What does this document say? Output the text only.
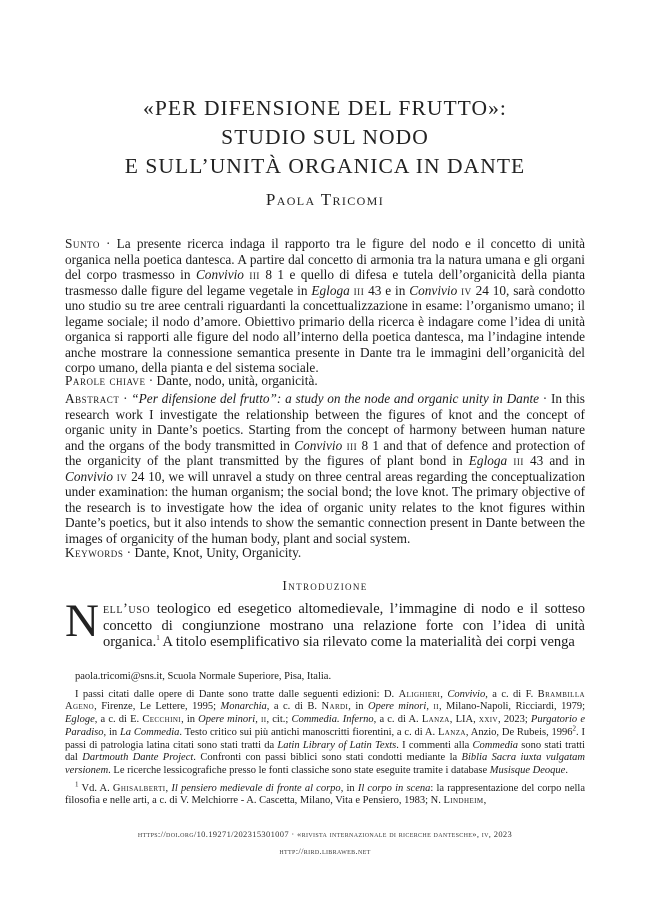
«PER DIFENSIONE DEL FRUTTO»:
STUDIO SUL NODO
E SULL’UNITÀ ORGANICA IN DANTE
Paola Tricomi
Sunto · La presente ricerca indaga il rapporto tra le figure del nodo e il concetto di unità organica nella poetica dantesca. A partire dal concetto di armonia tra la natura umana e gli organi del corpo trasmesso in Convivio iii 8 1 e quello di difesa e tutela dell’organicità della pianta trasmesso dalle figure del legame vegetale in Egloga iii 43 e in Convivio iv 24 10, sarà condotto uno studio su tre aree centrali riguardanti la concettualizzazione in esame: l’organismo umano; il legame sociale; il nodo d’amore. Obiettivo primario della ricerca è indagare come l’idea di unità organica si rapporti alle figure del nodo all’interno della poetica dantesca, ma l’indagine intende anche mostrare la connessione semantica presente in Dante tra le immagini dell’organicità del corpo umano, della pianta e del sistema sociale.
Parole chiave · Dante, nodo, unità, organicità.
Abstract · “Per difensione del frutto”: a study on the node and organic unity in Dante · In this research work I investigate the relationship between the figures of knot and the concept of organic unity in Dante’s poetics. Starting from the concept of harmony between human nature and the organs of the body transmitted in Convivio iii 8 1 and that of defence and protection of the organicity of the plant transmitted by the figures of plant bond in Egloga iii 43 and in Convivio iv 24 10, we will unravel a study on three central areas regarding the conceptualization under examination: the human organism; the social bond; the love knot. The primary objective of the research is to investigate how the idea of organic unity relates to the knot figures within Dante’s poetics, but it also intends to show the semantic connection present in Dante between the images of organicity of the human body, plant and social system.
Keywords · Dante, Knot, Unity, Organicity.
Introduzione
Nell’uso teologico ed esegetico altomedievale, l’immagine di nodo e il sotteso concetto di congiunzione mostrano una relazione forte con l’idea di unità organica.$^1$ A titolo esemplificativo sia rilevato come la materialità dei corpi venga

paola.tricomi@sns.it, Scuola Normale Superiore, Pisa, Italia.

I passi citati dalle opere di Dante sono tratte dalle seguenti edizioni: D. Alighieri, Convivio, a c. di F. Brambilla Ageno, Firenze, Le Lettere, 1995; Monarchia, a c. di B. Nardi, in Opere minori, ii, Milano-Napoli, Ricciardi, 1979; Egloge, a c. di E. Cecchini, in Opere minori, ii, cit.; Commedia. Inferno, a c. di A. Lanza, LIA, xxiv, 2023; Purgatorio e Paradiso, in La Commedia. Testo critico sui più antichi manoscritti fiorentini, a c. di A. Lanza, Anzio, De Rubeis, 1996$^2$. I passi di patrologia latina citati sono stati tratti da Latin Library of Latin Texts. I commenti alla Commedia sono stati tratti dal Dartmouth Dante Project. Confronti con passi biblici sono stati condotti mediante la Biblia Sacra iuxta vulgatam versionem. Le ricerche lessicografiche presso le fonti classiche sono state eseguite tramite i database Musisque Deoque.

$^1$ Vd. A. Ghisalberti, Il pensiero medievale di fronte al corpo, in Il corpo in scena: la rappresentazione del corpo nella filosofia e nelle arti, a c. di V. Melchiorre - A. Cascetta, Milano, Vita e Pensiero, 1983; N. Lindheim,

https://doi.org/10.19271/202315301007 · «rivista internazionale di ricerche dantesche», iv, 2023
http://rird.libraweb.net
